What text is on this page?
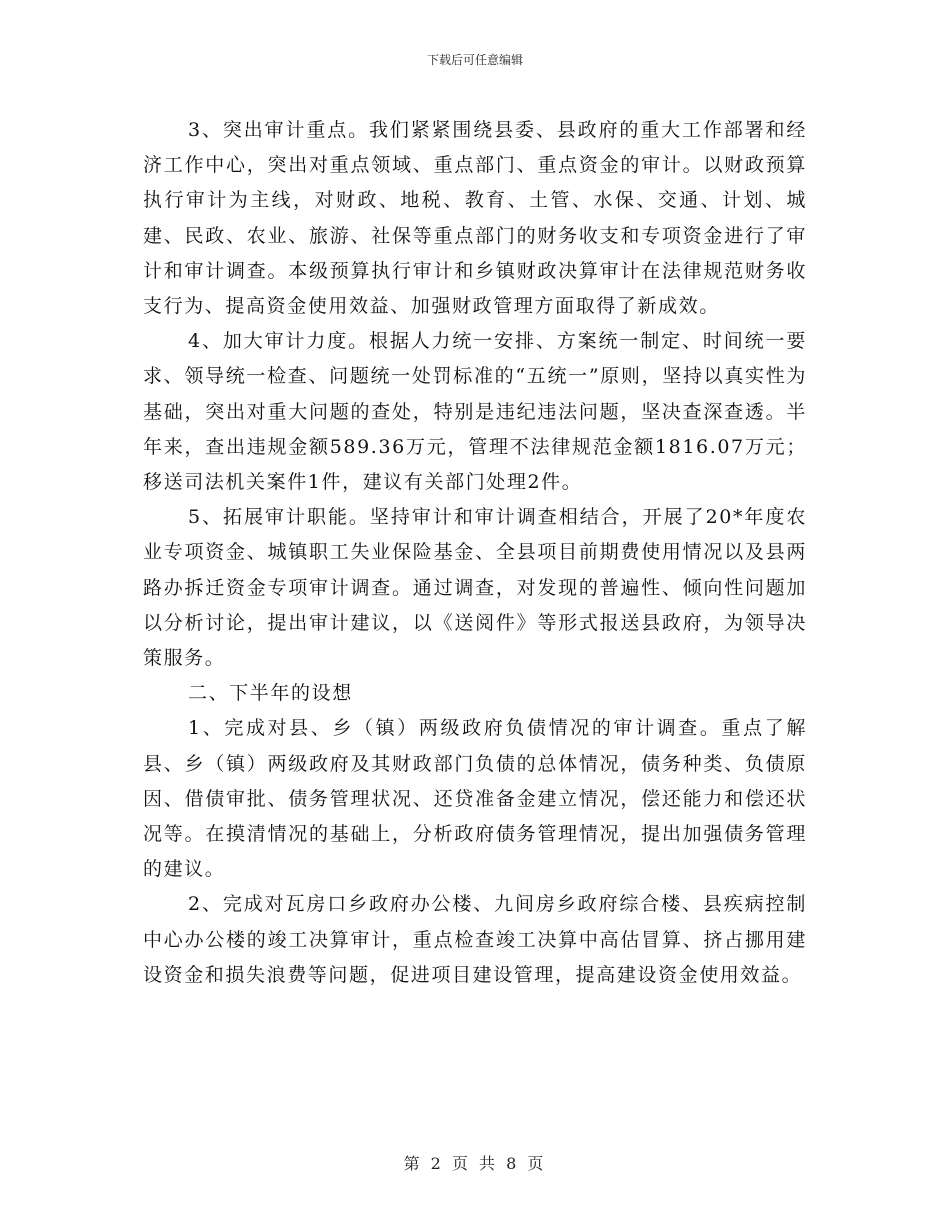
下载后可任意编辑

3、突出审计重点。我们紧紧围绕县委、县政府的重大工作部署和经济工作中心，突出对重点领域、重点部门、重点资金的审计。以财政预算执行审计为主线，对财政、地税、教育、土管、水保、交通、计划、城建、民政、农业、旅游、社保等重点部门的财务收支和专项资金进行了审计和审计调查。本级预算执行审计和乡镇财政决算审计在法律规范财务收支行为、提高资金使用效益、加强财政管理方面取得了新成效。

4、加大审计力度。根据人力统一安排、方案统一制定、时间统一要求、领导统一检查、问题统一处罚标准的“五统一”原则，坚持以真实性为基础，突出对重大问题的查处，特别是违纪违法问题，坚决查深查透。半年来，查出违规金额589.36万元，管理不法律规范金额1816.07万元；移送司法机关案件1件，建议有关部门处理2件。

5、拓展审计职能。坚持审计和审计调查相结合，开展了20*年度农业专项资金、城镇职工失业保险基金、全县项目前期费使用情况以及县两路办拆迁资金专项审计调查。通过调查，对发现的普遍性、倾向性问题加以分析讨论，提出审计建议，以《送阅件》等形式报送县政府，为领导决策服务。

二、下半年的设想

1、完成对县、乡（镇）两级政府负债情况的审计调查。重点了解县、乡（镇）两级政府及其财政部门负债的总体情况，债务种类、负债原因、借债审批、债务管理状况、还贷准备金建立情况，偿还能力和偿还状况等。在摸清情况的基础上，分析政府债务管理情况，提出加强债务管理的建议。

2、完成对瓦房口乡政府办公楼、九间房乡政府综合楼、县疾病控制中心办公楼的竣工决算审计，重点检查竣工决算中高估冒算、挤占挪用建设资金和损失浪费等问题，促进项目建设管理，提高建设资金使用效益。

第 2 页 共 8 页
